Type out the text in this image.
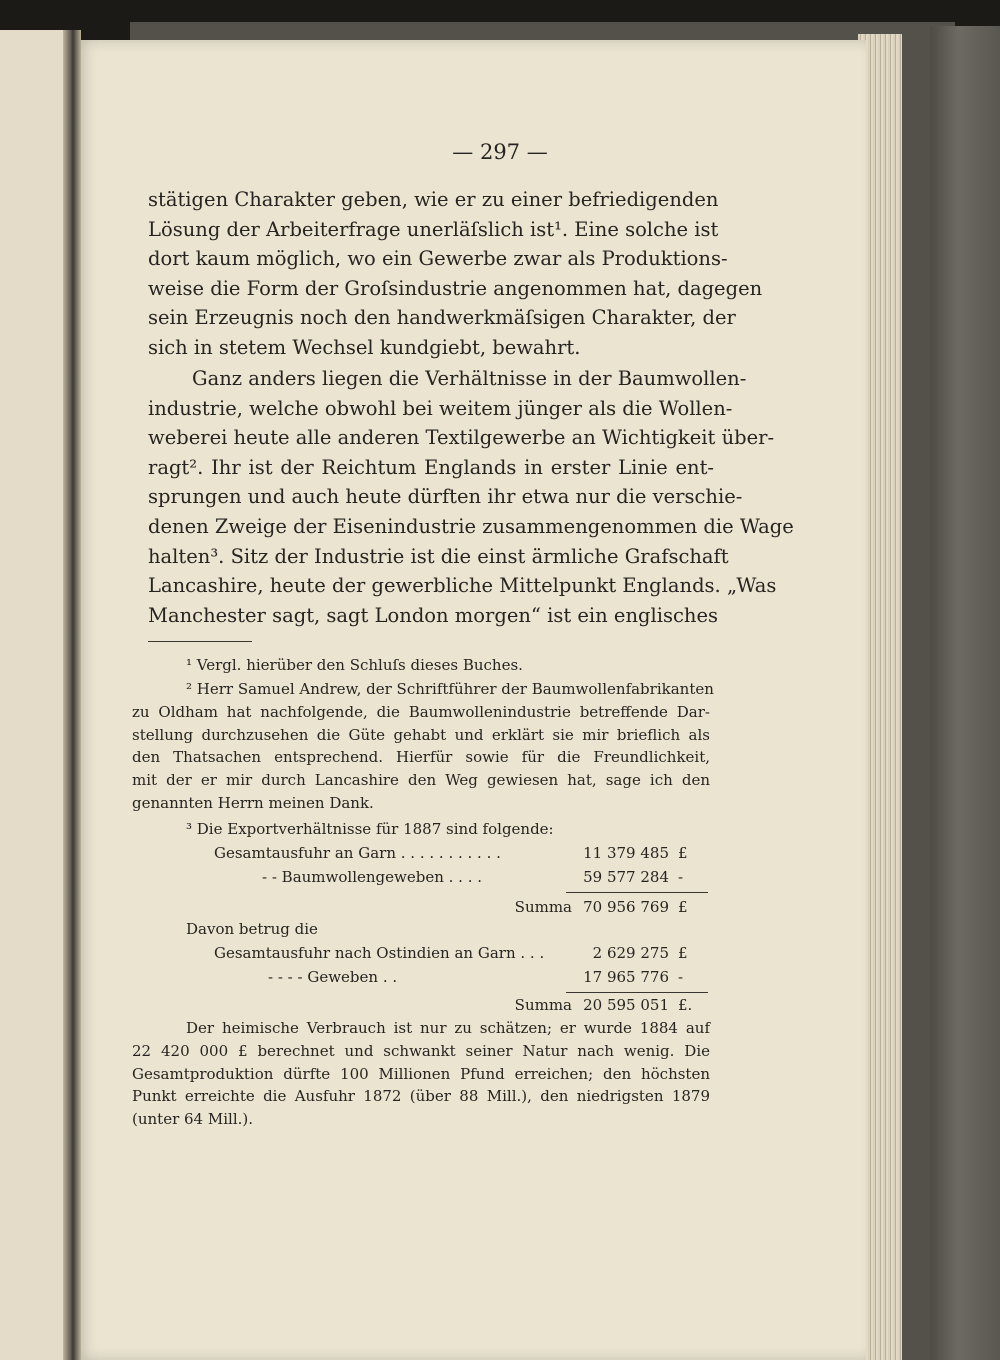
— 297 —
stätigen Charakter geben, wie er zu einer befriedigenden
Lösung der Arbeiterfrage unerläſslich ist¹. Eine solche ist
dort kaum möglich, wo ein Gewerbe zwar als Produktions-
weise die Form der Groſsindustrie angenommen hat, dagegen
sein Erzeugnis noch den handwerkmäſsigen Charakter, der
sich in stetem Wechsel kundgiebt, bewahrt.
Ganz anders liegen die Verhältnisse in der Baumwollen-
industrie, welche obwohl bei weitem jünger als die Wollen-
weberei heute alle anderen Textilgewerbe an Wichtigkeit über-
ragt². Ihr ist der Reichtum Englands in erster Linie ent-
sprungen und auch heute dürften ihr etwa nur die verschie-
denen Zweige der Eisenindustrie zusammengenommen die Wage
halten³. Sitz der Industrie ist die einst ärmliche Grafschaft
Lancashire, heute der gewerbliche Mittelpunkt Englands. „Was
Manchester sagt, sagt London morgen“ ist ein englisches
¹ Vergl. hierüber den Schluſs dieses Buches.
² Herr Samuel Andrew, der Schriftführer der Baumwollenfabrikanten
zu Oldham hat nachfolgende, die Baumwollenindustrie betreffende Dar-
stellung durchzusehen die Güte gehabt und erklärt sie mir brieflich als
den Thatsachen entsprechend. Hierfür sowie für die Freundlichkeit,
mit der er mir durch Lancashire den Weg gewiesen hat, sage ich den
genannten Herrn meinen Dank.
³ Die Exportverhältnisse für 1887 sind folgende:
Gesamtausfuhr an Garn . . . . . . . . . . .	11 379 485 £
- - Baumwollengeweben . . . .	59 577 284 -
Summa 70 956 769 £
Davon betrug die
Gesamtausfuhr nach Ostindien an Garn . . .	2 629 275 £
- - - - Geweben . .	17 965 776 -
Summa 20 595 051 £.
Der heimische Verbrauch ist nur zu schätzen; er wurde 1884 auf
22 420 000 £ berechnet und schwankt seiner Natur nach wenig. Die
Gesamtproduktion dürfte 100 Millionen Pfund erreichen; den höchsten
Punkt erreichte die Ausfuhr 1872 (über 88 Mill.), den niedrigsten 1879
(unter 64 Mill.).
